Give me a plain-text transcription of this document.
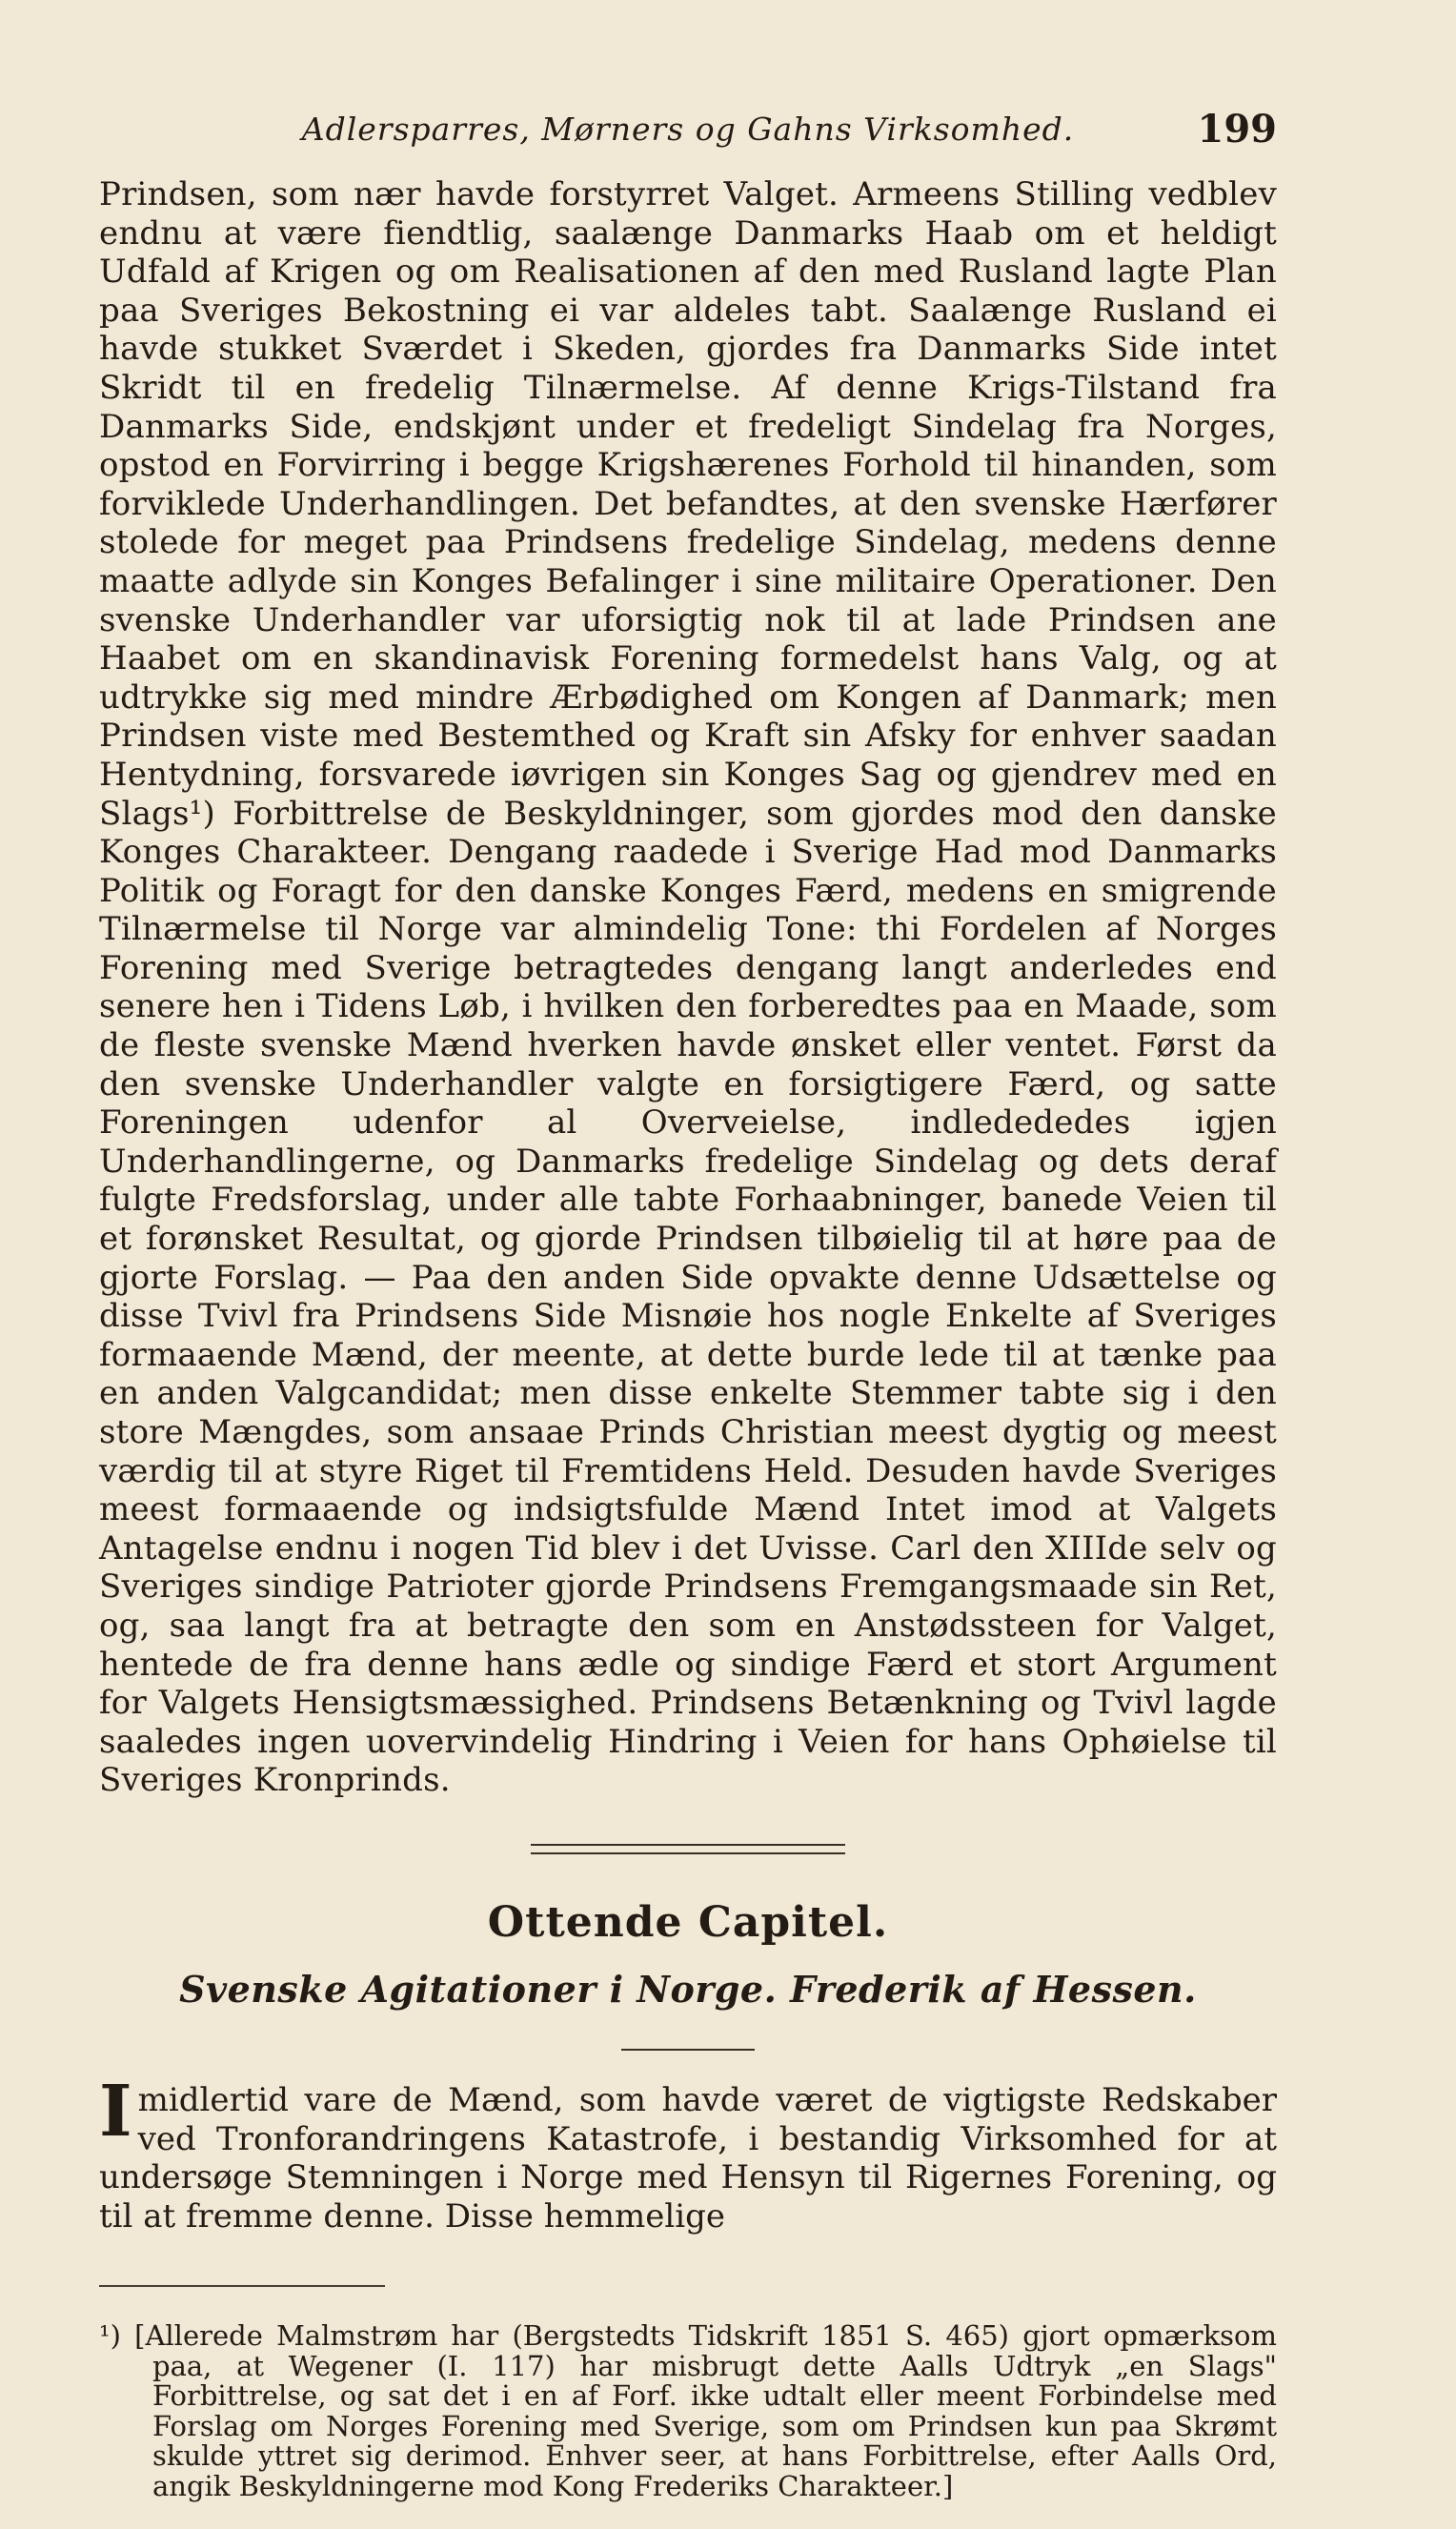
Adlersparres, Mørners og Gahns Virksomhed.	199

Prindsen, som nær havde forstyrret Valget. Armeens Stilling vedblev endnu at være fiendtlig, saalænge Danmarks Haab om et heldigt Udfald af Krigen og om Realisationen af den med Rusland lagte Plan paa Sveriges Bekostning ei var aldeles tabt. Saalænge Rusland ei havde stukket Sværdet i Skeden, gjordes fra Danmarks Side intet Skridt til en fredelig Tilnærmelse. Af denne Krigs-Tilstand fra Danmarks Side, endskjønt under et fredeligt Sindelag fra Norges, opstod en Forvirring i begge Krigshærenes Forhold til hinanden, som forviklede Underhandlingen. Det befandtes, at den svenske Hærfører stolede for meget paa Prindsens fredelige Sindelag, medens denne maatte adlyde sin Konges Befalinger i sine militaire Operationer. Den svenske Underhandler var uforsigtig nok til at lade Prindsen ane Haabet om en skandinavisk Forening formedelst hans Valg, og at udtrykke sig med mindre Ærbødighed om Kongen af Danmark; men Prindsen viste med Bestemthed og Kraft sin Afsky for enhver saadan Hentydning, forsvarede iøvrigen sin Konges Sag og gjendrev med en Slags¹) Forbittrelse de Beskyldninger, som gjordes mod den danske Konges Charakteer. Dengang raadede i Sverige Had mod Danmarks Politik og Foragt for den danske Konges Færd, medens en smigrende Tilnærmelse til Norge var almindelig Tone: thi Fordelen af Norges Forening med Sverige betragtedes dengang langt anderledes end senere hen i Tidens Løb, i hvilken den forberedtes paa en Maade, som de fleste svenske Mænd hverken havde ønsket eller ventet. Først da den svenske Underhandler valgte en forsigtigere Færd, og satte Foreningen udenfor al Overveielse, indledededes igjen Underhandlingerne, og Danmarks fredelige Sindelag og dets deraf fulgte Fredsforslag, under alle tabte Forhaabninger, banede Veien til et forønsket Resultat, og gjorde Prindsen tilbøielig til at høre paa de gjorte Forslag. — Paa den anden Side opvakte denne Udsættelse og disse Tvivl fra Prindsens Side Misnøie hos nogle Enkelte af Sveriges formaaende Mænd, der meente, at dette burde lede til at tænke paa en anden Valgcandidat; men disse enkelte Stemmer tabte sig i den store Mængdes, som ansaae Prinds Christian meest dygtig og meest værdig til at styre Riget til Fremtidens Held. Desuden havde Sveriges meest formaaende og indsigtsfulde Mænd Intet imod at Valgets Antagelse endnu i nogen Tid blev i det Uvisse. Carl den XIIIde selv og Sveriges sindige Patrioter gjorde Prindsens Fremgangsmaade sin Ret, og, saa langt fra at betragte den som en Anstødssteen for Valget, hentede de fra denne hans ædle og sindige Færd et stort Argument for Valgets Hensigtsmæssighed. Prindsens Betænkning og Tvivl lagde saaledes ingen uovervindelig Hindring i Veien for hans Ophøielse til Sveriges Kronprinds.

Ottende Capitel.
Svenske Agitationer i Norge. Frederik af Hessen.

Imidlertid vare de Mænd, som havde været de vigtigste Redskaber ved Tronforandringens Katastrofe, i bestandig Virksomhed for at undersøge Stemningen i Norge med Hensyn til Rigernes Forening, og til at fremme denne. Disse hemmelige

¹) [Allerede Malmstrøm har (Bergstedts Tidskrift 1851 S. 465) gjort opmærksom paa, at Wegener (I. 117) har misbrugt dette Aalls Udtryk „en Slags" Forbittrelse, og sat det i en af Forf. ikke udtalt eller meent Forbindelse med Forslag om Norges Forening med Sverige, som om Prindsen kun paa Skrømt skulde yttret sig derimod. Enhver seer, at hans Forbittrelse, efter Aalls Ord, angik Beskyldningerne mod Kong Frederiks Charakteer.]
